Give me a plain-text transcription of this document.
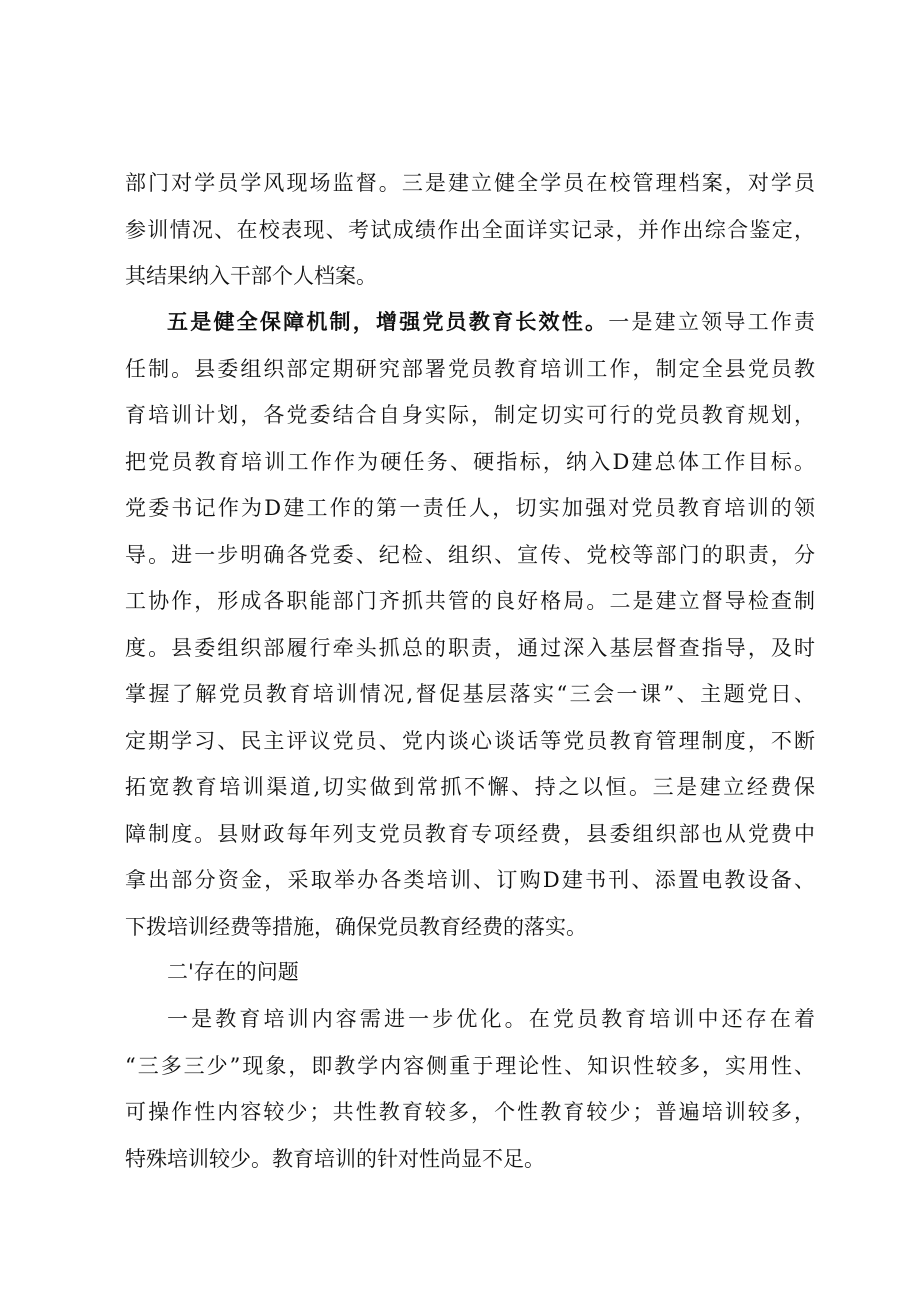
部门对学员学风现场监督。三是建立健全学员在校管理档案，对学员
参训情况、在校表现、考试成绩作出全面详实记录，并作出综合鉴定，
其结果纳入干部个人档案。
五是健全保障机制，增强党员教育长效性。一是建立领导工作责
任制。县委组织部定期研究部署党员教育培训工作，制定全县党员教
育培训计划，各党委结合自身实际，制定切实可行的党员教育规划，
把党员教育培训工作作为硬任务、硬指标，纳入D建总体工作目标。
党委书记作为D建工作的第一责任人，切实加强对党员教育培训的领
导。进一步明确各党委、纪检、组织、宣传、党校等部门的职责，分
工协作，形成各职能部门齐抓共管的良好格局。二是建立督导检查制
度。县委组织部履行牵头抓总的职责，通过深入基层督查指导，及时
掌握了解党员教育培训情况,督促基层落实“三会一课”、主题党日、
定期学习、民主评议党员、党内谈心谈话等党员教育管理制度，不断
拓宽教育培训渠道,切实做到常抓不懈、持之以恒。三是建立经费保
障制度。县财政每年列支党员教育专项经费，县委组织部也从党费中
拿出部分资金，采取举办各类培训、订购D建书刊、添置电教设备、
下拨培训经费等措施，确保党员教育经费的落实。
二'存在的问题
一是教育培训内容需进一步优化。在党员教育培训中还存在着
“三多三少”现象，即教学内容侧重于理论性、知识性较多，实用性、
可操作性内容较少；共性教育较多，个性教育较少；普遍培训较多，
特殊培训较少。教育培训的针对性尚显不足。
